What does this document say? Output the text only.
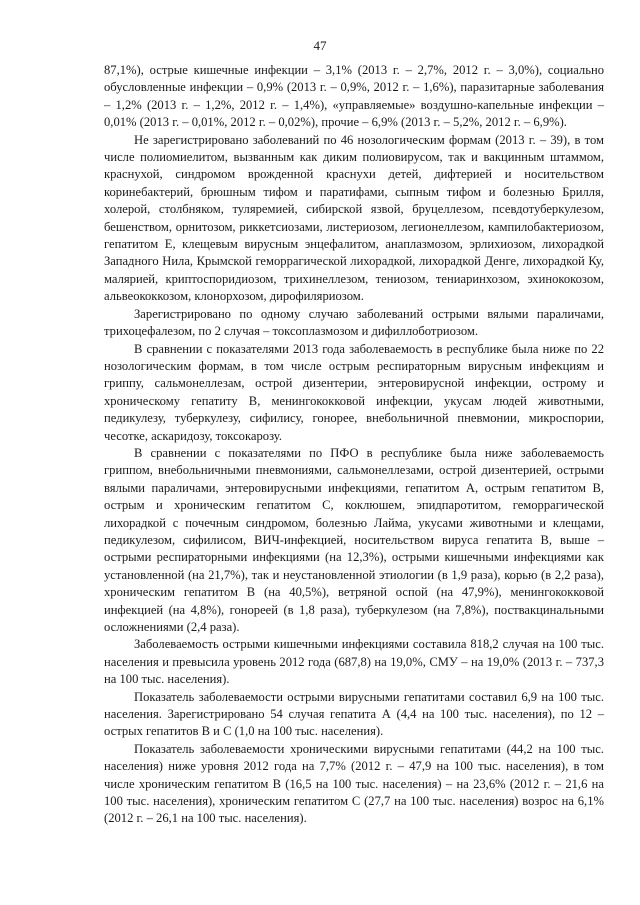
47

87,1%), острые кишечные инфекции – 3,1% (2013 г. – 2,7%, 2012 г. – 3,0%), социально обусловленные инфекции – 0,9% (2013 г. – 0,9%, 2012 г. – 1,6%), паразитарные заболевания – 1,2% (2013 г. – 1,2%, 2012 г. – 1,4%), «управляемые» воздушно-капельные инфекции – 0,01% (2013 г. – 0,01%, 2012 г. – 0,02%), прочие – 6,9% (2013 г. – 5,2%, 2012 г. – 6,9%).

Не зарегистрировано заболеваний по 46 нозологическим формам (2013 г. – 39), в том числе полиомиелитом, вызванным как диким полиовирусом, так и вакцинным штаммом, краснухой, синдромом врожденной краснухи детей, дифтерией и носительством коринебактерий, брюшным тифом и паратифами, сыпным тифом и болезнью Брилля, холерой, столбняком, туляремией, сибирской язвой, бруцеллезом, псевдотуберкулезом, бешенством, орнитозом, риккетсиозами, листериозом, легионеллезом, кампилобактериозом, гепатитом Е, клещевым вирусным энцефалитом, анаплазмозом, эрлихиозом, лихорадкой Западного Нила, Крымской геморрагической лихорадкой, лихорадкой Денге, лихорадкой Ку, малярией, криптоспоридиозом, трихинеллезом, тениозом, тениаринхозом, эхинококозом, альвеококкозом, клонорхозом, дирофиляриозом.

Зарегистрировано по одному случаю заболеваний острыми вялыми параличами, трихоцефалезом, по 2 случая – токсоплазмозом и дифиллоботриозом.

В сравнении с показателями 2013 года заболеваемость в республике была ниже по 22 нозологическим формам, в том числе острым респираторным вирусным инфекциям и гриппу, сальмонеллезам, острой дизентерии, энтеровирусной инфекции, острому и хроническому гепатиту В, менингококковой инфекции, укусам людей животными, педикулезу, туберкулезу, сифилису, гонорее, внебольничной пневмонии, микроспории, чесотке, аскаридозу, токсокарозу.

В сравнении с показателями по ПФО в республике была ниже заболеваемость гриппом, внебольничными пневмониями, сальмонеллезами, острой дизентерией, острыми вялыми параличами, энтеровирусными инфекциями, гепатитом А, острым гепатитом В, острым и хроническим гепатитом С, коклюшем, эпидпаротитом, геморрагической лихорадкой с почечным синдромом, болезнью Лайма, укусами животными и клещами, педикулезом, сифилисом, ВИЧ-инфекцией, носительством вируса гепатита В, выше – острыми респираторными инфекциями (на 12,3%), острыми кишечными инфекциями как установленной (на 21,7%), так и неустановленной этиологии (в 1,9 раза), корью (в 2,2 раза), хроническим гепатитом В (на 40,5%), ветряной оспой (на 47,9%), менингококковой инфекцией (на 4,8%), гонореей (в 1,8 раза), туберкулезом (на 7,8%), поствакцинальными осложнениями (2,4 раза).

Заболеваемость острыми кишечными инфекциями составила 818,2 случая на 100 тыс. населения и превысила уровень 2012 года (687,8) на 19,0%, СМУ – на 19,0% (2013 г. – 737,3 на 100 тыс. населения).

Показатель заболеваемости острыми вирусными гепатитами составил 6,9 на 100 тыс. населения. Зарегистрировано 54 случая гепатита А (4,4 на 100 тыс. населения), по 12 – острых гепатитов В и С (1,0 на 100 тыс. населения).

Показатель заболеваемости хроническими вирусными гепатитами (44,2 на 100 тыс. населения) ниже уровня 2012 года на 7,7% (2012 г. – 47,9 на 100 тыс. населения), в том числе хроническим гепатитом В (16,5 на 100 тыс. населения) – на 23,6% (2012 г. – 21,6 на 100 тыс. населения), хроническим гепатитом С (27,7 на 100 тыс. населения) возрос на 6,1% (2012 г. – 26,1 на 100 тыс. населения).
